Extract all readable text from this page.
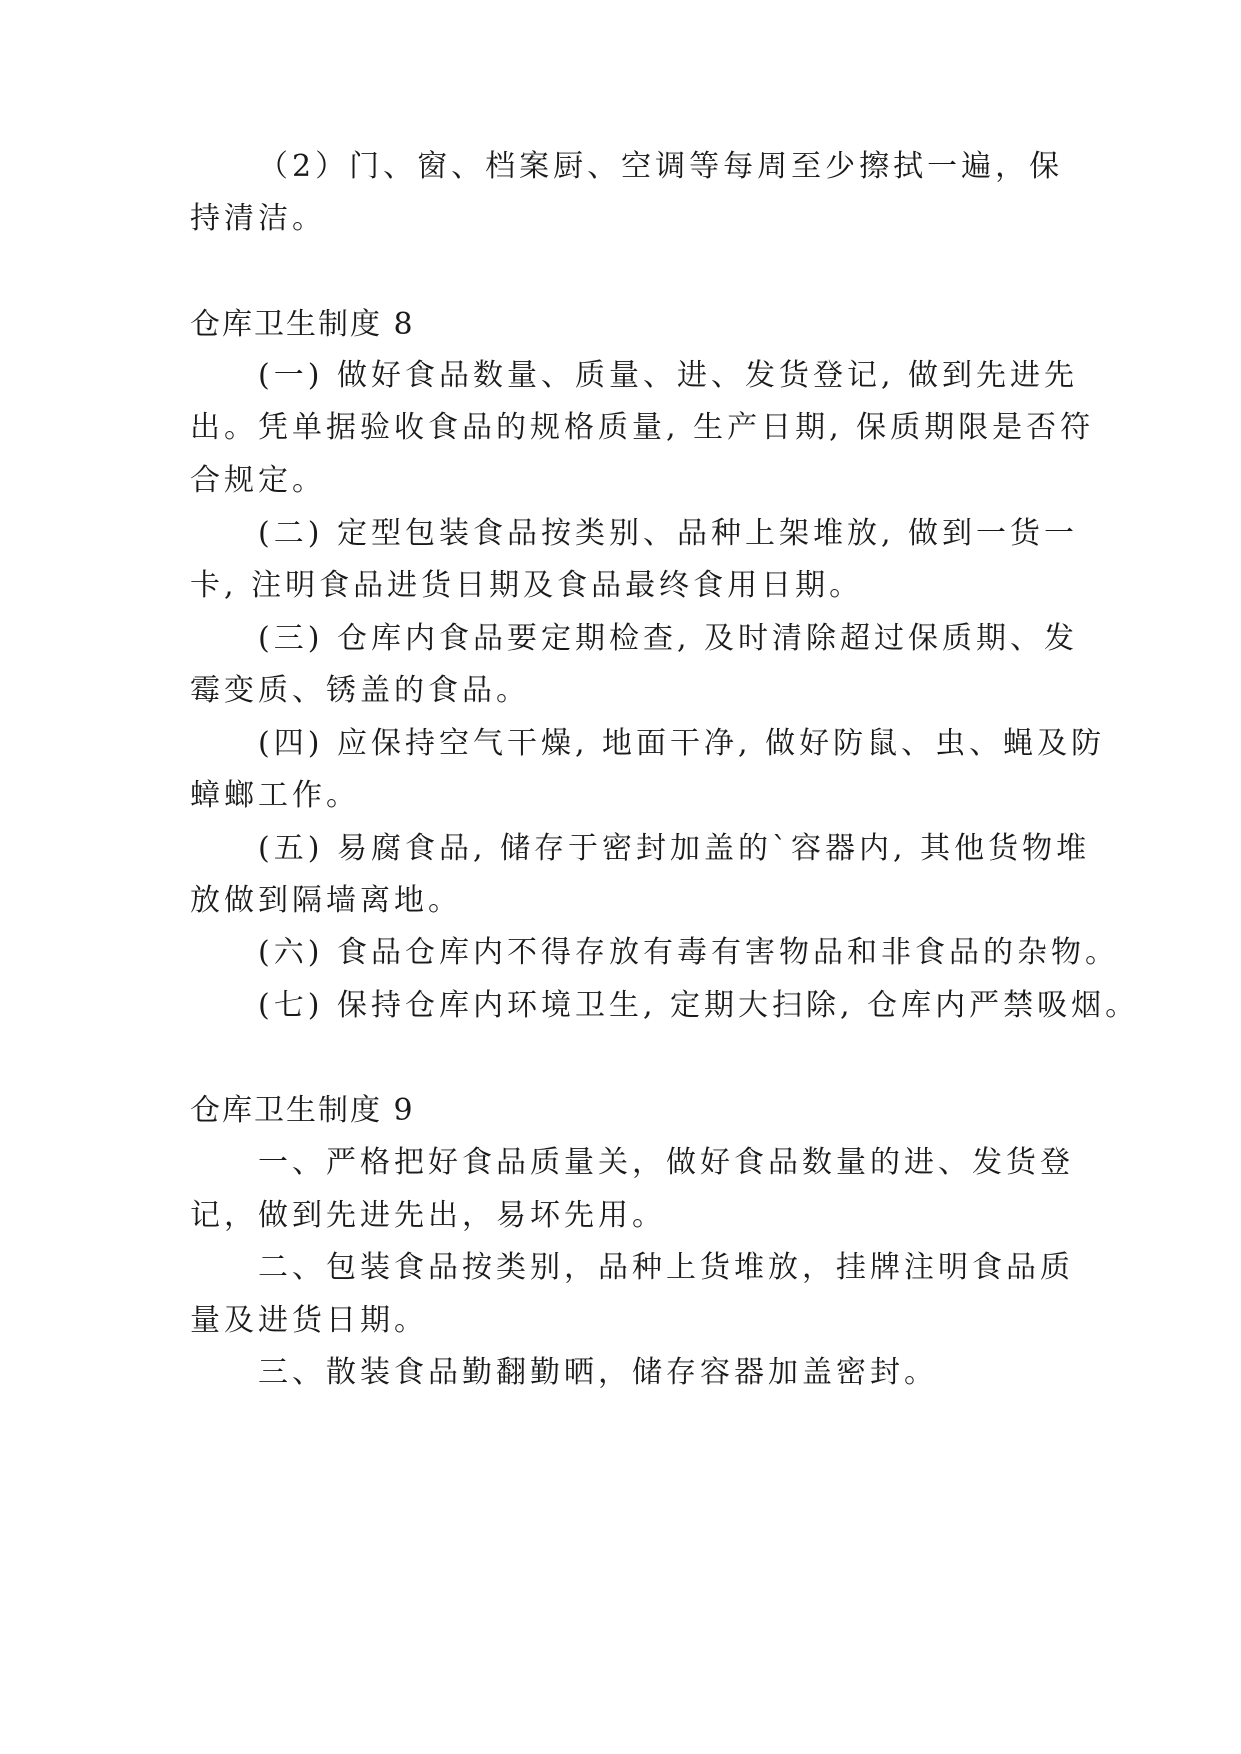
（2）门、窗、档案厨、空调等每周至少擦拭一遍，保
持清洁。
仓库卫生制度 8
(一) 做好食品数量、质量、进、发货登记, 做到先进先
出。凭单据验收食品的规格质量, 生产日期, 保质期限是否符
合规定。
(二) 定型包装食品按类别、品种上架堆放, 做到一货一
卡, 注明食品进货日期及食品最终食用日期。
(三) 仓库内食品要定期检查, 及时清除超过保质期、发
霉变质、锈盖的食品。
(四) 应保持空气干燥, 地面干净, 做好防鼠、虫、蝇及防
蟑螂工作。
(五) 易腐食品, 储存于密封加盖的`容器内, 其他货物堆
放做到隔墙离地。
(六) 食品仓库内不得存放有毒有害物品和非食品的杂物。
(七) 保持仓库内环境卫生, 定期大扫除, 仓库内严禁吸烟。
仓库卫生制度 9
一、严格把好食品质量关，做好食品数量的进、发货登
记，做到先进先出，易坏先用。
二、包装食品按类别，品种上货堆放，挂牌注明食品质
量及进货日期。
三、散装食品勤翻勤晒，储存容器加盖密封。
